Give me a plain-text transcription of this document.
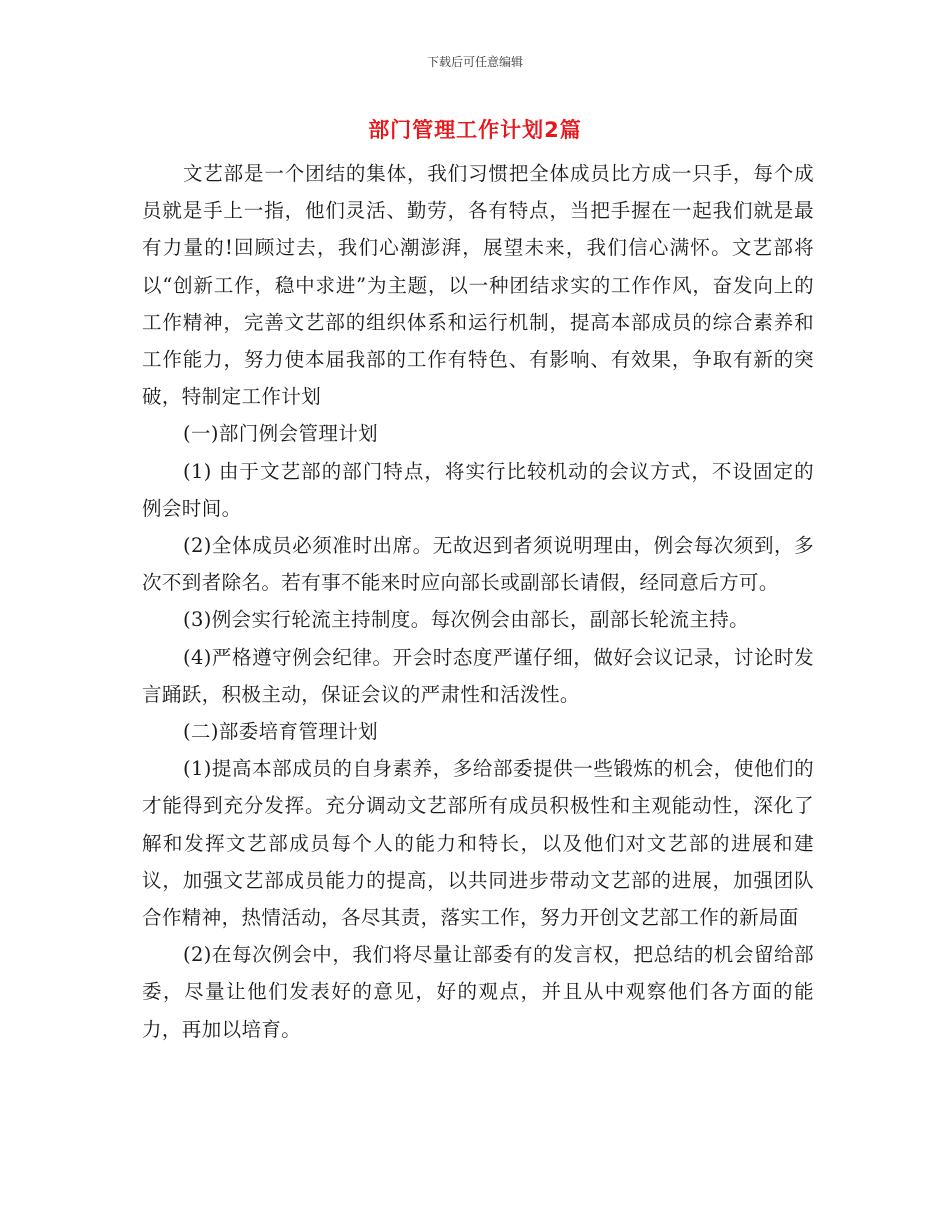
下载后可任意编辑
部门管理工作计划2篇

文艺部是一个团结的集体，我们习惯把全体成员比方成一只手，每个成员就是手上一指，他们灵活、勤劳，各有特点，当把手握在一起我们就是最有力量的!回顾过去，我们心潮澎湃，展望未来，我们信心满怀。文艺部将以“创新工作，稳中求进”为主题，以一种团结求实的工作作风，奋发向上的工作精神，完善文艺部的组织体系和运行机制，提高本部成员的综合素养和工作能力，努力使本届我部的工作有特色、有影响、有效果，争取有新的突破，特制定工作计划

(一)部门例会管理计划

(1) 由于文艺部的部门特点，将实行比较机动的会议方式，不设固定的例会时间。

(2)全体成员必须准时出席。无故迟到者须说明理由，例会每次须到，多次不到者除名。若有事不能来时应向部长或副部长请假，经同意后方可。

(3)例会实行轮流主持制度。每次例会由部长，副部长轮流主持。

(4)严格遵守例会纪律。开会时态度严谨仔细，做好会议记录，讨论时发言踊跃，积极主动，保证会议的严肃性和活泼性。

(二)部委培育管理计划

(1)提高本部成员的自身素养，多给部委提供一些锻炼的机会，使他们的才能得到充分发挥。充分调动文艺部所有成员积极性和主观能动性，深化了解和发挥文艺部成员每个人的能力和特长，以及他们对文艺部的进展和建议，加强文艺部成员能力的提高，以共同进步带动文艺部的进展，加强团队合作精神，热情活动，各尽其责，落实工作，努力开创文艺部工作的新局面

(2)在每次例会中，我们将尽量让部委有的发言权，把总结的机会留给部委，尽量让他们发表好的意见，好的观点，并且从中观察他们各方面的能力，再加以培育。
